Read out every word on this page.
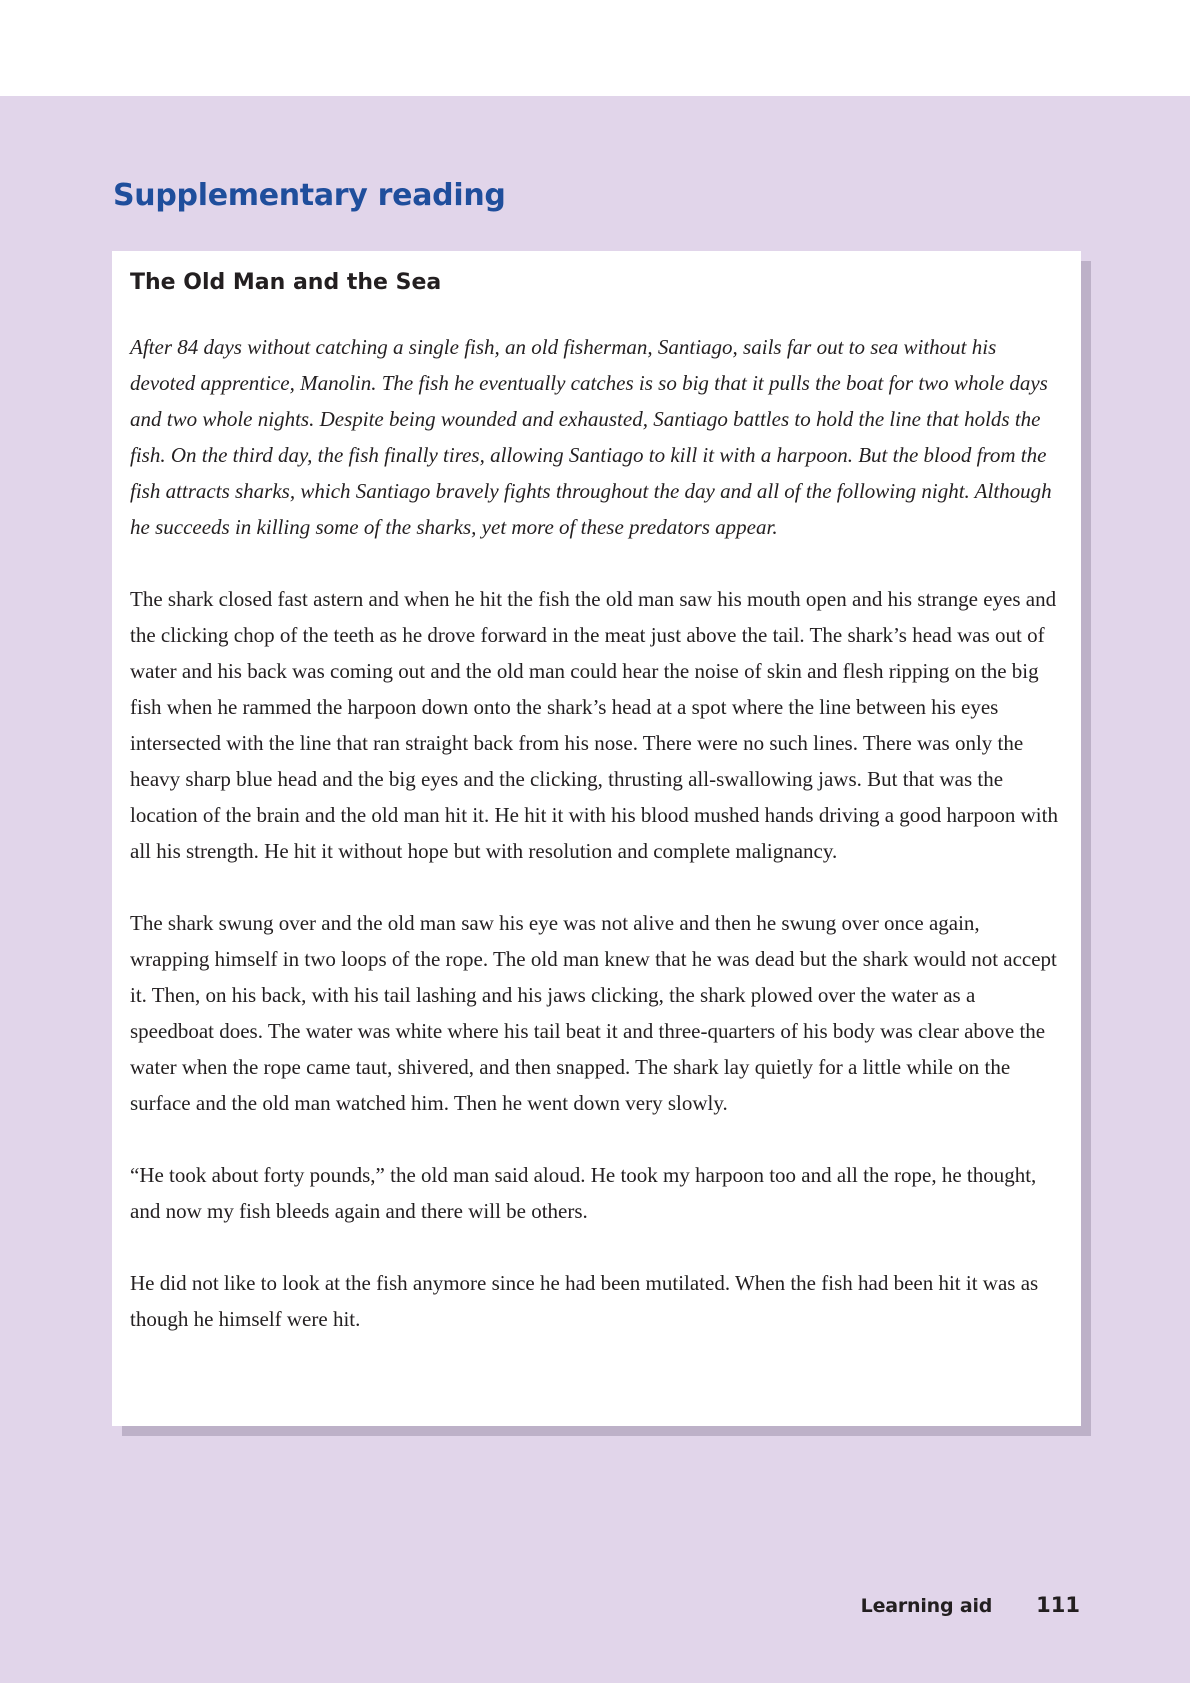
Supplementary reading
The Old Man and the Sea

After 84 days without catching a single fish, an old fisherman, Santiago, sails far out to sea without his devoted apprentice, Manolin. The fish he eventually catches is so big that it pulls the boat for two whole days and two whole nights. Despite being wounded and exhausted, Santiago battles to hold the line that holds the fish. On the third day, the fish finally tires, allowing Santiago to kill it with a harpoon. But the blood from the fish attracts sharks, which Santiago bravely fights throughout the day and all of the following night. Although he succeeds in killing some of the sharks, yet more of these predators appear.

The shark closed fast astern and when he hit the fish the old man saw his mouth open and his strange eyes and the clicking chop of the teeth as he drove forward in the meat just above the tail. The shark’s head was out of water and his back was coming out and the old man could hear the noise of skin and flesh ripping on the big fish when he rammed the harpoon down onto the shark’s head at a spot where the line between his eyes intersected with the line that ran straight back from his nose. There were no such lines. There was only the heavy sharp blue head and the big eyes and the clicking, thrusting all-swallowing jaws. But that was the location of the brain and the old man hit it. He hit it with his blood mushed hands driving a good harpoon with all his strength. He hit it without hope but with resolution and complete malignancy.

The shark swung over and the old man saw his eye was not alive and then he swung over once again, wrapping himself in two loops of the rope. The old man knew that he was dead but the shark would not accept it. Then, on his back, with his tail lashing and his jaws clicking, the shark plowed over the water as a speedboat does. The water was white where his tail beat it and three-quarters of his body was clear above the water when the rope came taut, shivered, and then snapped. The shark lay quietly for a little while on the surface and the old man watched him. Then he went down very slowly.

“He took about forty pounds,” the old man said aloud. He took my harpoon too and all the rope, he thought, and now my fish bleeds again and there will be others.

He did not like to look at the fish anymore since he had been mutilated. When the fish had been hit it was as though he himself were hit.

Learning aid 111
